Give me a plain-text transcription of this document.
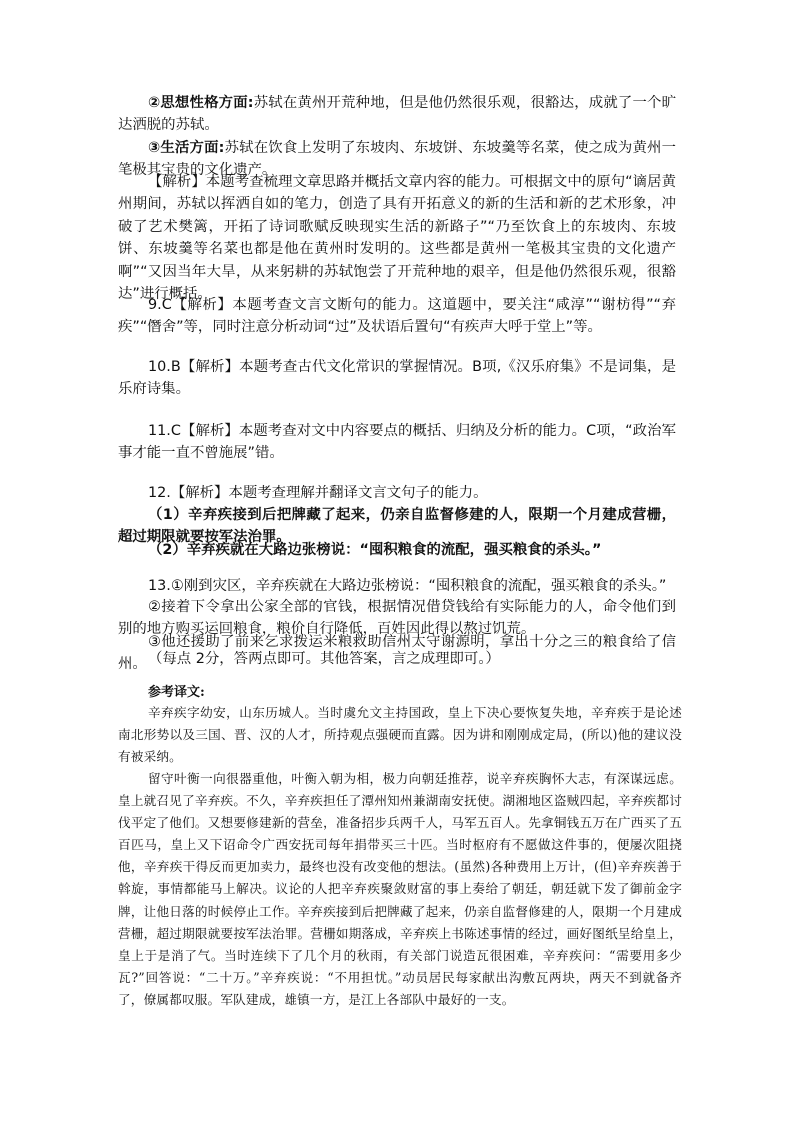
②思想性格方面:苏轼在黄州开荒种地，但是他仍然很乐观，很豁达，成就了一个旷达洒脱的苏轼。

③生活方面:苏轼在饮食上发明了东坡肉、东坡饼、东坡羹等名菜，使之成为黄州一笔极其宝贵的文化遗产。

【解析】本题考查梳理文章思路并概括文章内容的能力。可根据文中的原句“谪居黄州期间，苏轼以挥洒自如的笔力，创造了具有开拓意义的新的生活和新的艺术形象，冲破了艺术樊篱，开拓了诗词歌赋反映现实生活的新路子”“乃至饮食上的东坡肉、东坡饼、东坡羹等名菜也都是他在黄州时发明的。这些都是黄州一笔极其宝贵的文化遗产啊”“又因当年大旱，从来躬耕的苏轼饱尝了开荒种地的艰辛，但是他仍然很乐观，很豁达”进行概括。

9.C【解析】本题考查文言文断句的能力。这道题中，要关注“咸淳”“谢枋得”“弃疾”“僭舍”等，同时注意分析动词“过”及状语后置句“有疾声大呼于堂上”等。

10.B【解析】本题考查古代文化常识的掌握情况。B项,《汉乐府集》不是词集，是乐府诗集。

11.C【解析】本题考查对文中内容要点的概括、归纳及分析的能力。C项，“政治军事才能一直不曾施展”错。

12.【解析】本题考查理解并翻译文言文句子的能力。

（1）辛弃疾接到后把牌藏了起来，仍亲自监督修建的人，限期一个月建成营栅，超过期限就要按军法治罪。

（2）辛弃疾就在大路边张榜说：“囤积粮食的流配，强买粮食的杀头。”

13.①刚到灾区，辛弃疾就在大路边张榜说：“囤积粮食的流配，强买粮食的杀头。”

②接着下令拿出公家全部的官钱，根据情况借贷钱给有实际能力的人，命令他们到别的地方购买运回粮食，粮价自行降低，百姓因此得以熬过饥荒。

③他还援助了前来乞求拨运米粮救助信州太守谢源明，拿出十分之三的粮食给了信州。 （每点 2分，答两点即可。其他答案，言之成理即可。）

参考译文:

辛弃疾字幼安，山东历城人。当时虞允文主持国政，皇上下决心要恢复失地，辛弃疾于是论述南北形势以及三国、晋、汉的人才，所持观点强硬而直露。因为讲和刚刚成定局，(所以)他的建议没有被采纳。

留守叶衡一向很器重他，叶衡入朝为相，极力向朝廷推荐，说辛弃疾胸怀大志，有深谋远虑。皇上就召见了辛弃疾。不久，辛弃疾担任了潭州知州兼湖南安抚使。湖湘地区盗贼四起，辛弃疾都讨伐平定了他们。又想要修建新的营垒，准备招步兵两千人，马军五百人。先拿铜钱五万在广西买了五百匹马，皇上又下诏命令广西安抚司每年捐带买三十匹。当时枢府有不愿做这件事的，便屡次阻挠他，辛弃疾干得反而更加卖力，最终也没有改变他的想法。(虽然)各种费用上万计，(但)辛弃疾善于斡旋，事情都能马上解决。议论的人把辛弃疾聚敛财富的事上奏给了朝廷，朝廷就下发了御前金字牌，让他日落的时候停止工作。辛弃疾接到后把牌藏了起来，仍亲自监督修建的人，限期一个月建成营栅，超过期限就要按军法治罪。营栅如期落成，辛弃疾上书陈述事情的经过，画好图纸呈给皇上，皇上于是消了气。当时连续下了几个月的秋雨，有关部门说造瓦很困难，辛弃疾问：“需要用多少瓦?”回答说：“二十万。”辛弃疾说：“不用担忧。”动员居民每家献出沟敷瓦两块，两天不到就备齐了，僚属都叹服。军队建成，雄镇一方，是江上各部队中最好的一支。
